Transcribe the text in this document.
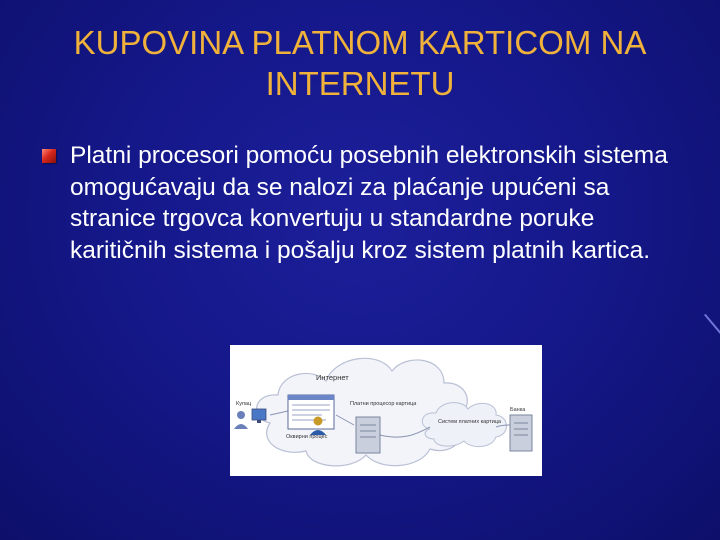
KUPOVINA PLATNOM KARTICOM NA INTERNETU
Platni procesori pomoću posebnih elektronskih sistema omogućavaju da se nalozi za plaćanje upućeni sa stranice trgovca konvertuju u standardne poruke karitičnih sistema i pošalju kroz sistem platnih kartica.
Интернет
Купац	Платни процесор картица
Оквирни процес
Систем платних картица
Банка
